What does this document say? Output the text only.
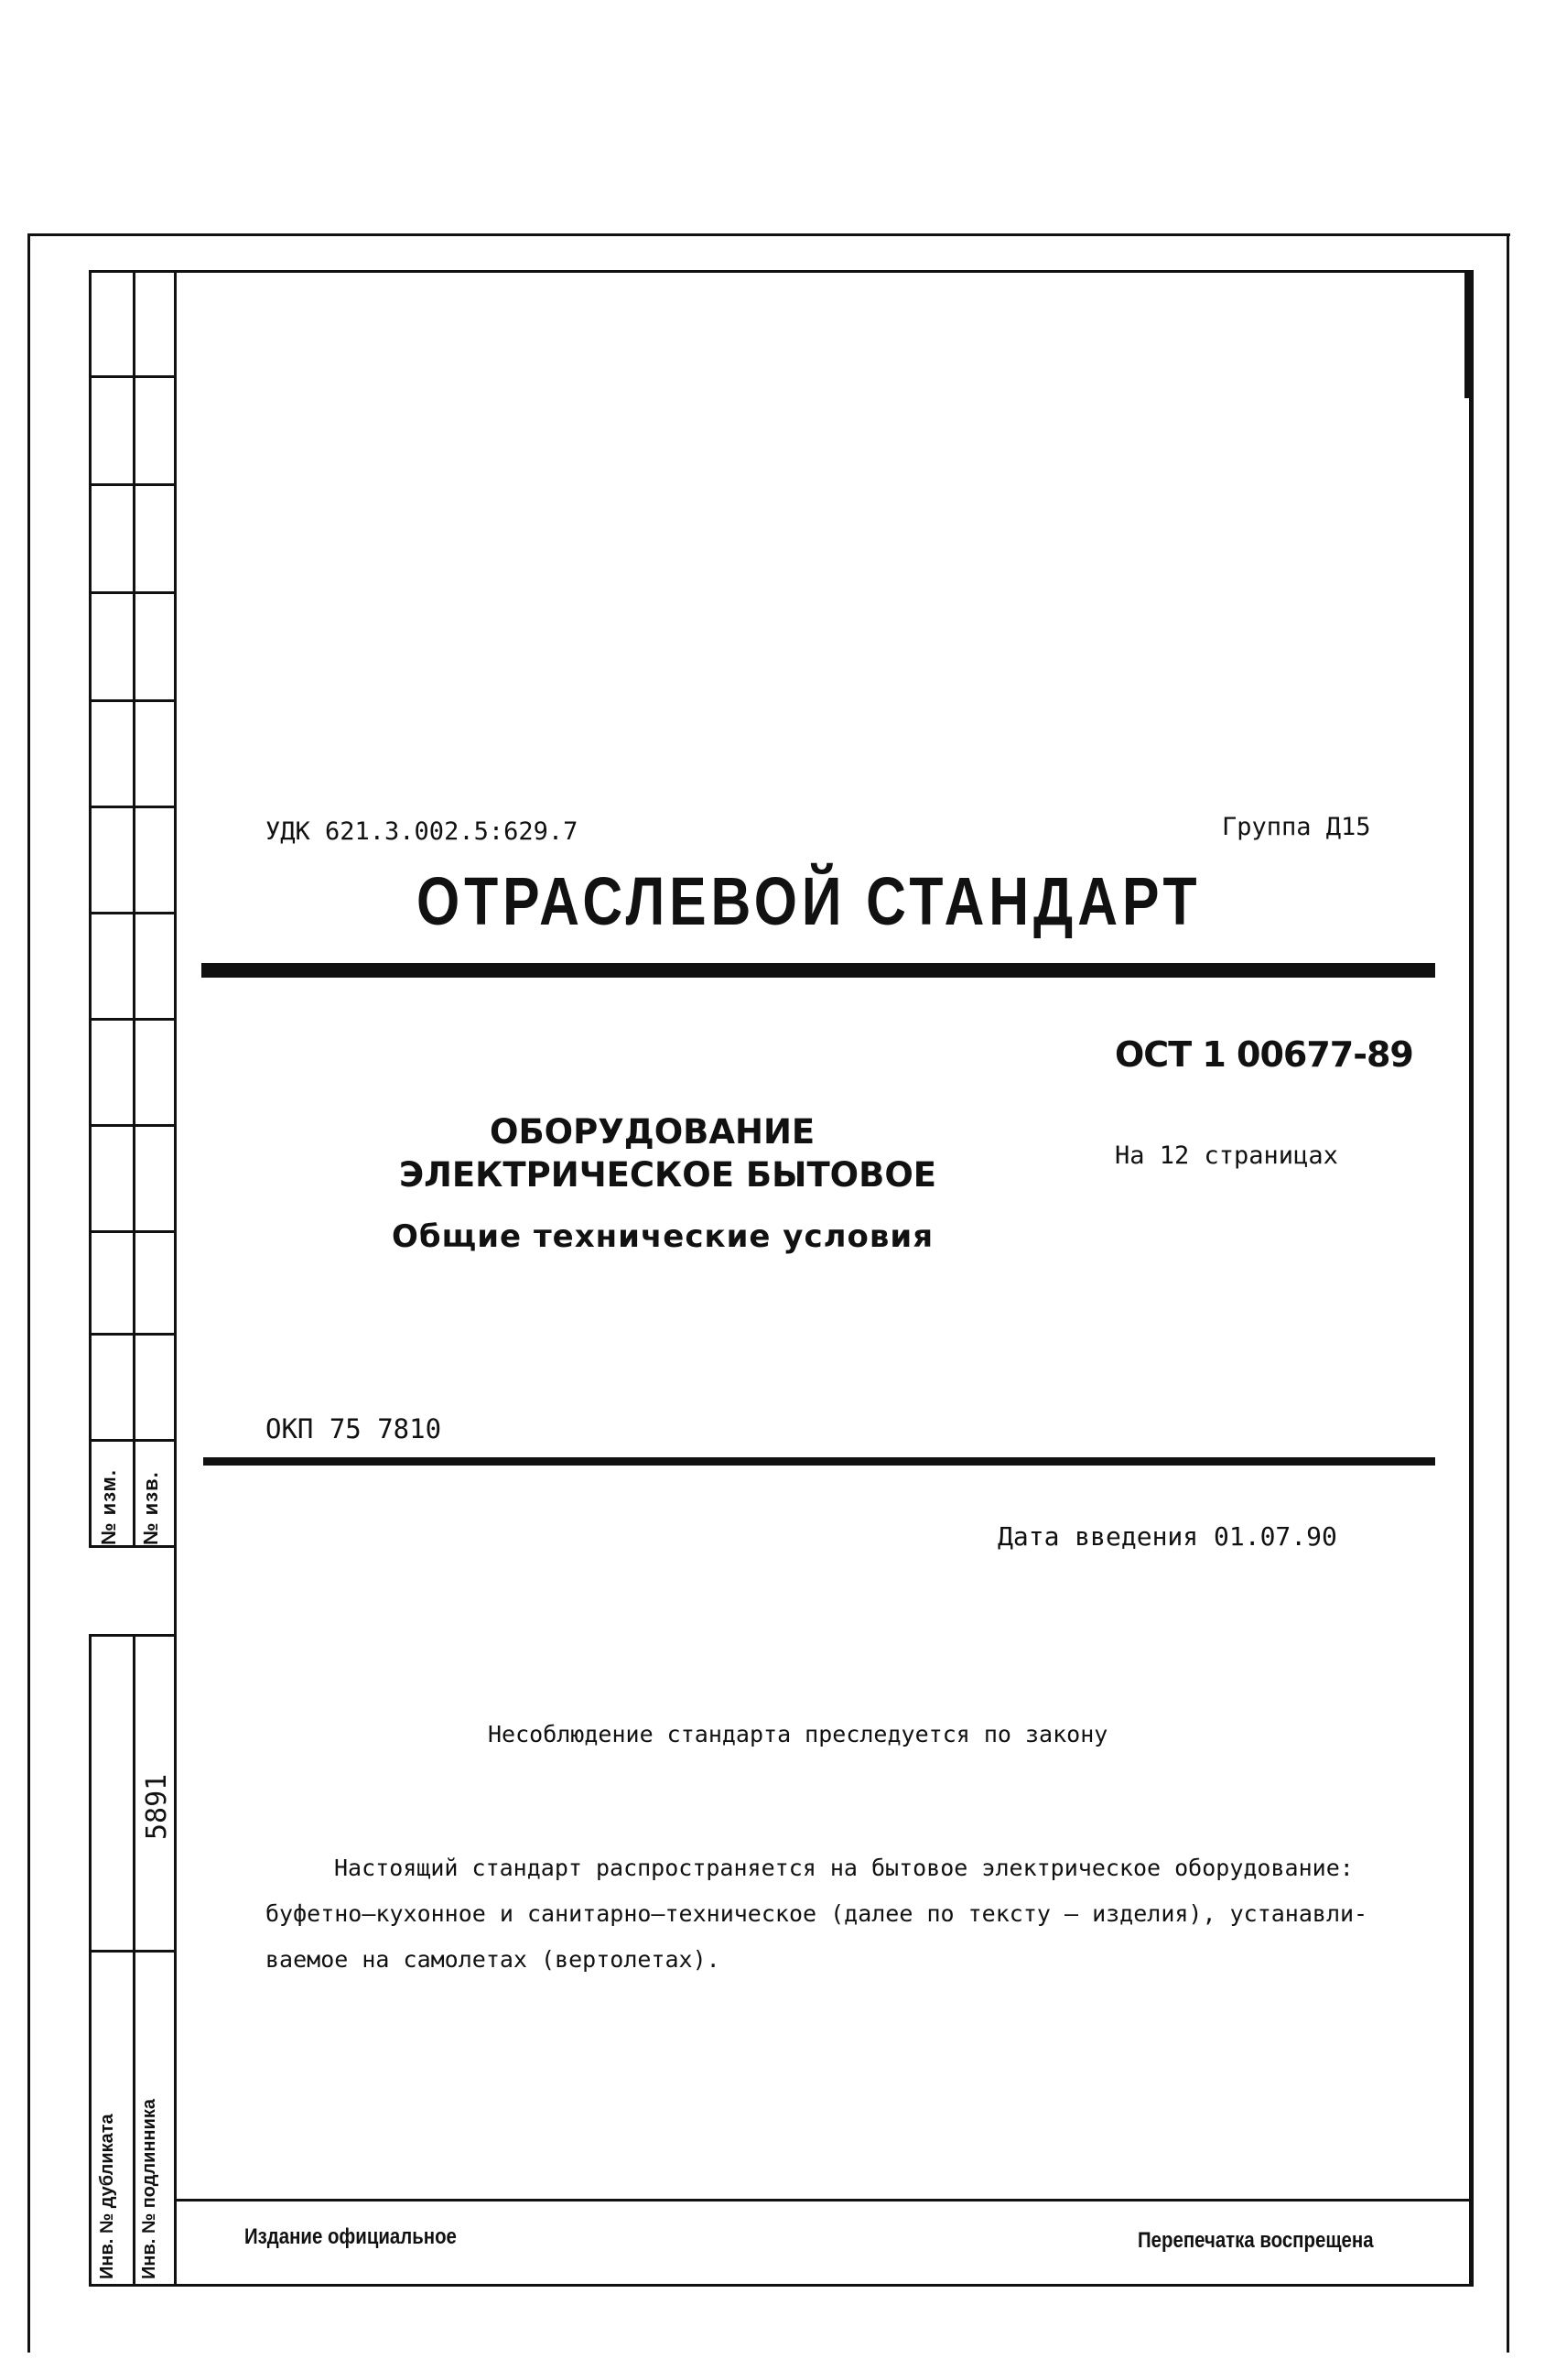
№ изм. № изв.
Инв. № дубликата Инв. № подлинника
5891
УДК 621.3.002.5:629.7	Группа Д15
ОТРАСЛЕВОЙ СТАНДАРТ
ОСТ 1 00677-89
На 12 страницах
ОБОРУДОВАНИЕ
ЭЛЕКТРИЧЕСКОЕ БЫТОВОЕ
Общие технические условия
ОКП 75 7810
Дата введения 01.07.90
Несоблюдение стандарта преследуется по закону
Настоящий стандарт распространяется на бытовое электрическое оборудование:
буфетно–кухонное и санитарно–техническое (далее по тексту – изделия), устанавли-
ваемое на самолетах (вертолетах).
Издание официальное	Перепечатка воспрещена
